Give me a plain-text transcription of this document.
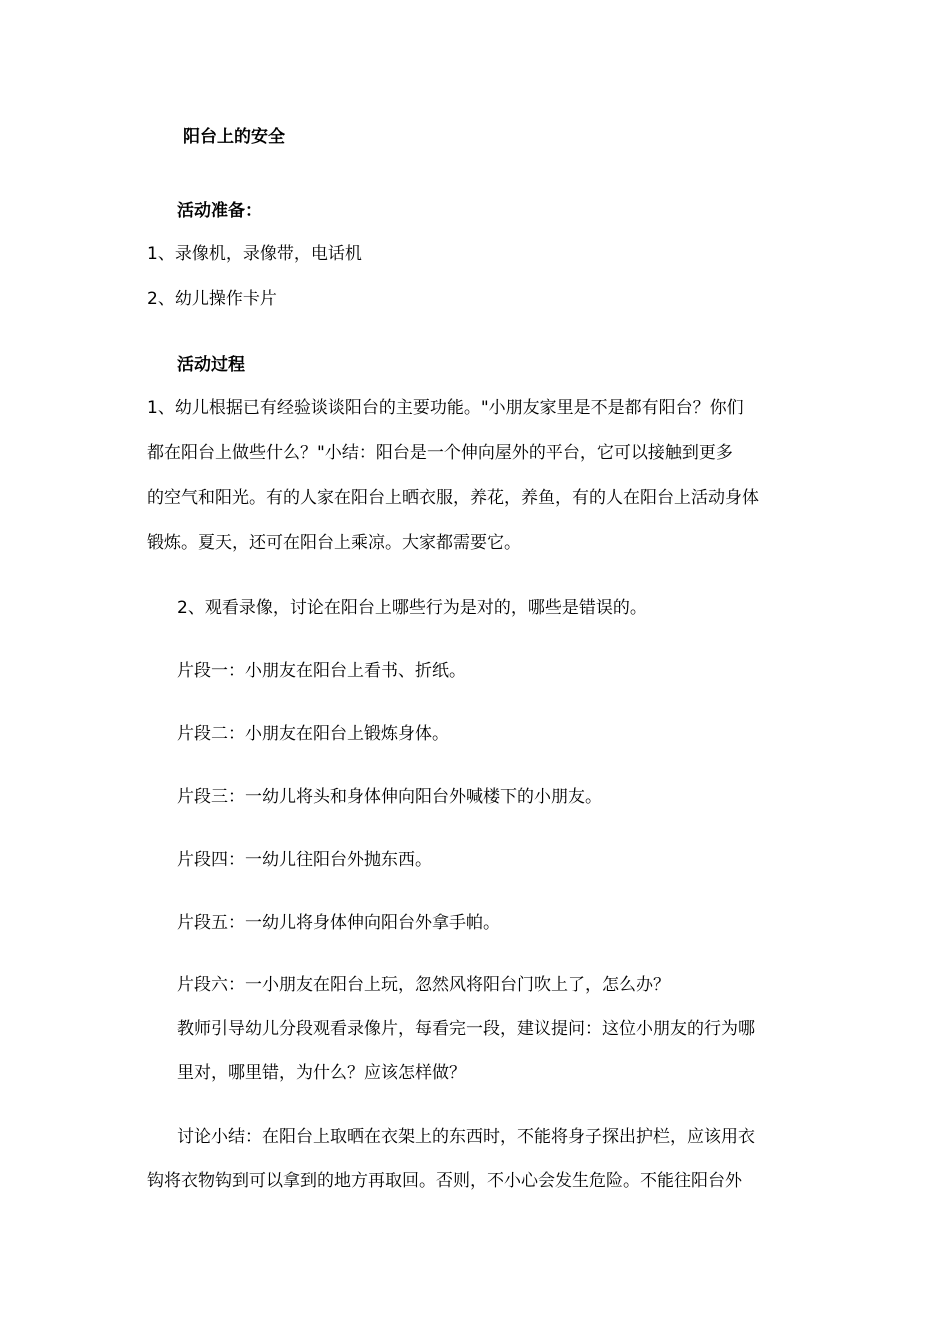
阳台上的安全

活动准备：

1、录像机，录像带，电话机

2、幼儿操作卡片

活动过程

1、幼儿根据已有经验谈谈阳台的主要功能。"小朋友家里是不是都有阳台？你们

都在阳台上做些什么？"小结：阳台是一个伸向屋外的平台，它可以接触到更多

的空气和阳光。有的人家在阳台上晒衣服，养花，养鱼，有的人在阳台上活动身体

锻炼。夏天，还可在阳台上乘凉。大家都需要它。

2、观看录像，讨论在阳台上哪些行为是对的，哪些是错误的。

片段一：小朋友在阳台上看书、折纸。

片段二：小朋友在阳台上锻炼身体。

片段三：一幼儿将头和身体伸向阳台外喊楼下的小朋友。

片段四：一幼儿往阳台外抛东西。

片段五：一幼儿将身体伸向阳台外拿手帕。

片段六：一小朋友在阳台上玩，忽然风将阳台门吹上了，怎么办？

教师引导幼儿分段观看录像片，每看完一段，建议提问：这位小朋友的行为哪

里对，哪里错，为什么？应该怎样做？

讨论小结：在阳台上取晒在衣架上的东西时，不能将身子探出护栏，应该用衣

钩将衣物钩到可以拿到的地方再取回。否则，不小心会发生危险。不能往阳台外
